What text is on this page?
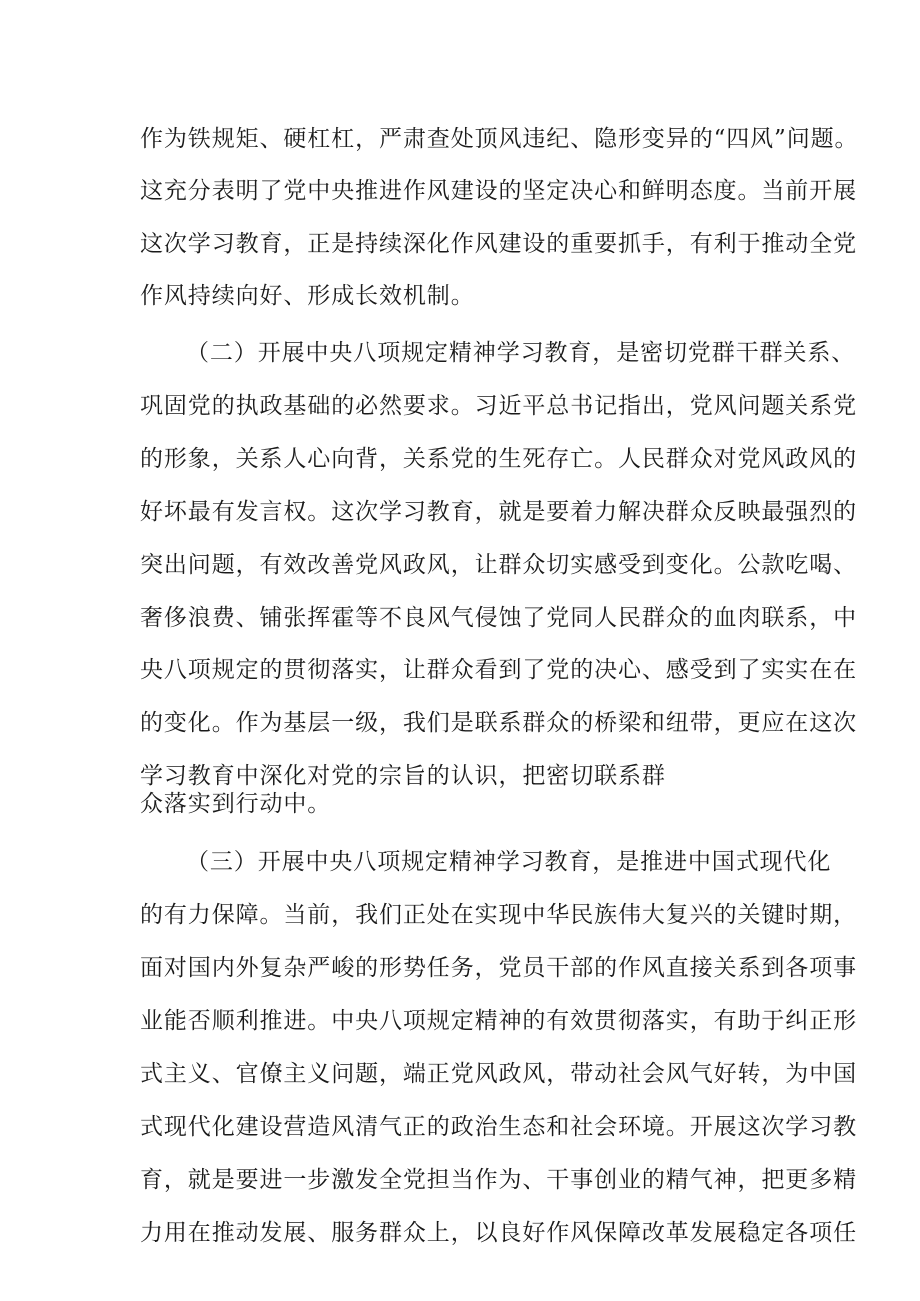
作为铁规矩、硬杠杠，严肃查处顶风违纪、隐形变异的“四风”问题。
这充分表明了党中央推进作风建设的坚定决心和鲜明态度。当前开展
这次学习教育，正是持续深化作风建设的重要抓手，有利于推动全党
作风持续向好、形成长效机制。
（二）开展中央八项规定精神学习教育，是密切党群干群关系、
巩固党的执政基础的必然要求。习近平总书记指出，党风问题关系党
的形象，关系人心向背，关系党的生死存亡。人民群众对党风政风的
好坏最有发言权。这次学习教育，就是要着力解决群众反映最强烈的
突出问题，有效改善党风政风，让群众切实感受到变化。公款吃喝、
奢侈浪费、铺张挥霍等不良风气侵蚀了党同人民群众的血肉联系，中
央八项规定的贯彻落实，让群众看到了党的决心、感受到了实实在在
的变化。作为基层一级，我们是联系群众的桥梁和纽带，更应在这次
学习教育中深化对党的宗旨的认识，把密切联系群
众落实到行动中。
（三）开展中央八项规定精神学习教育，是推进中国式现代化
的有力保障。当前，我们正处在实现中华民族伟大复兴的关键时期，
面对国内外复杂严峻的形势任务，党员干部的作风直接关系到各项事
业能否顺利推进。中央八项规定精神的有效贯彻落实，有助于纠正形
式主义、官僚主义问题，端正党风政风，带动社会风气好转，为中国
式现代化建设营造风清气正的政治生态和社会环境。开展这次学习教
育，就是要进一步激发全党担当作为、干事创业的精气神，把更多精
力用在推动发展、服务群众上，以良好作风保障改革发展稳定各项任
